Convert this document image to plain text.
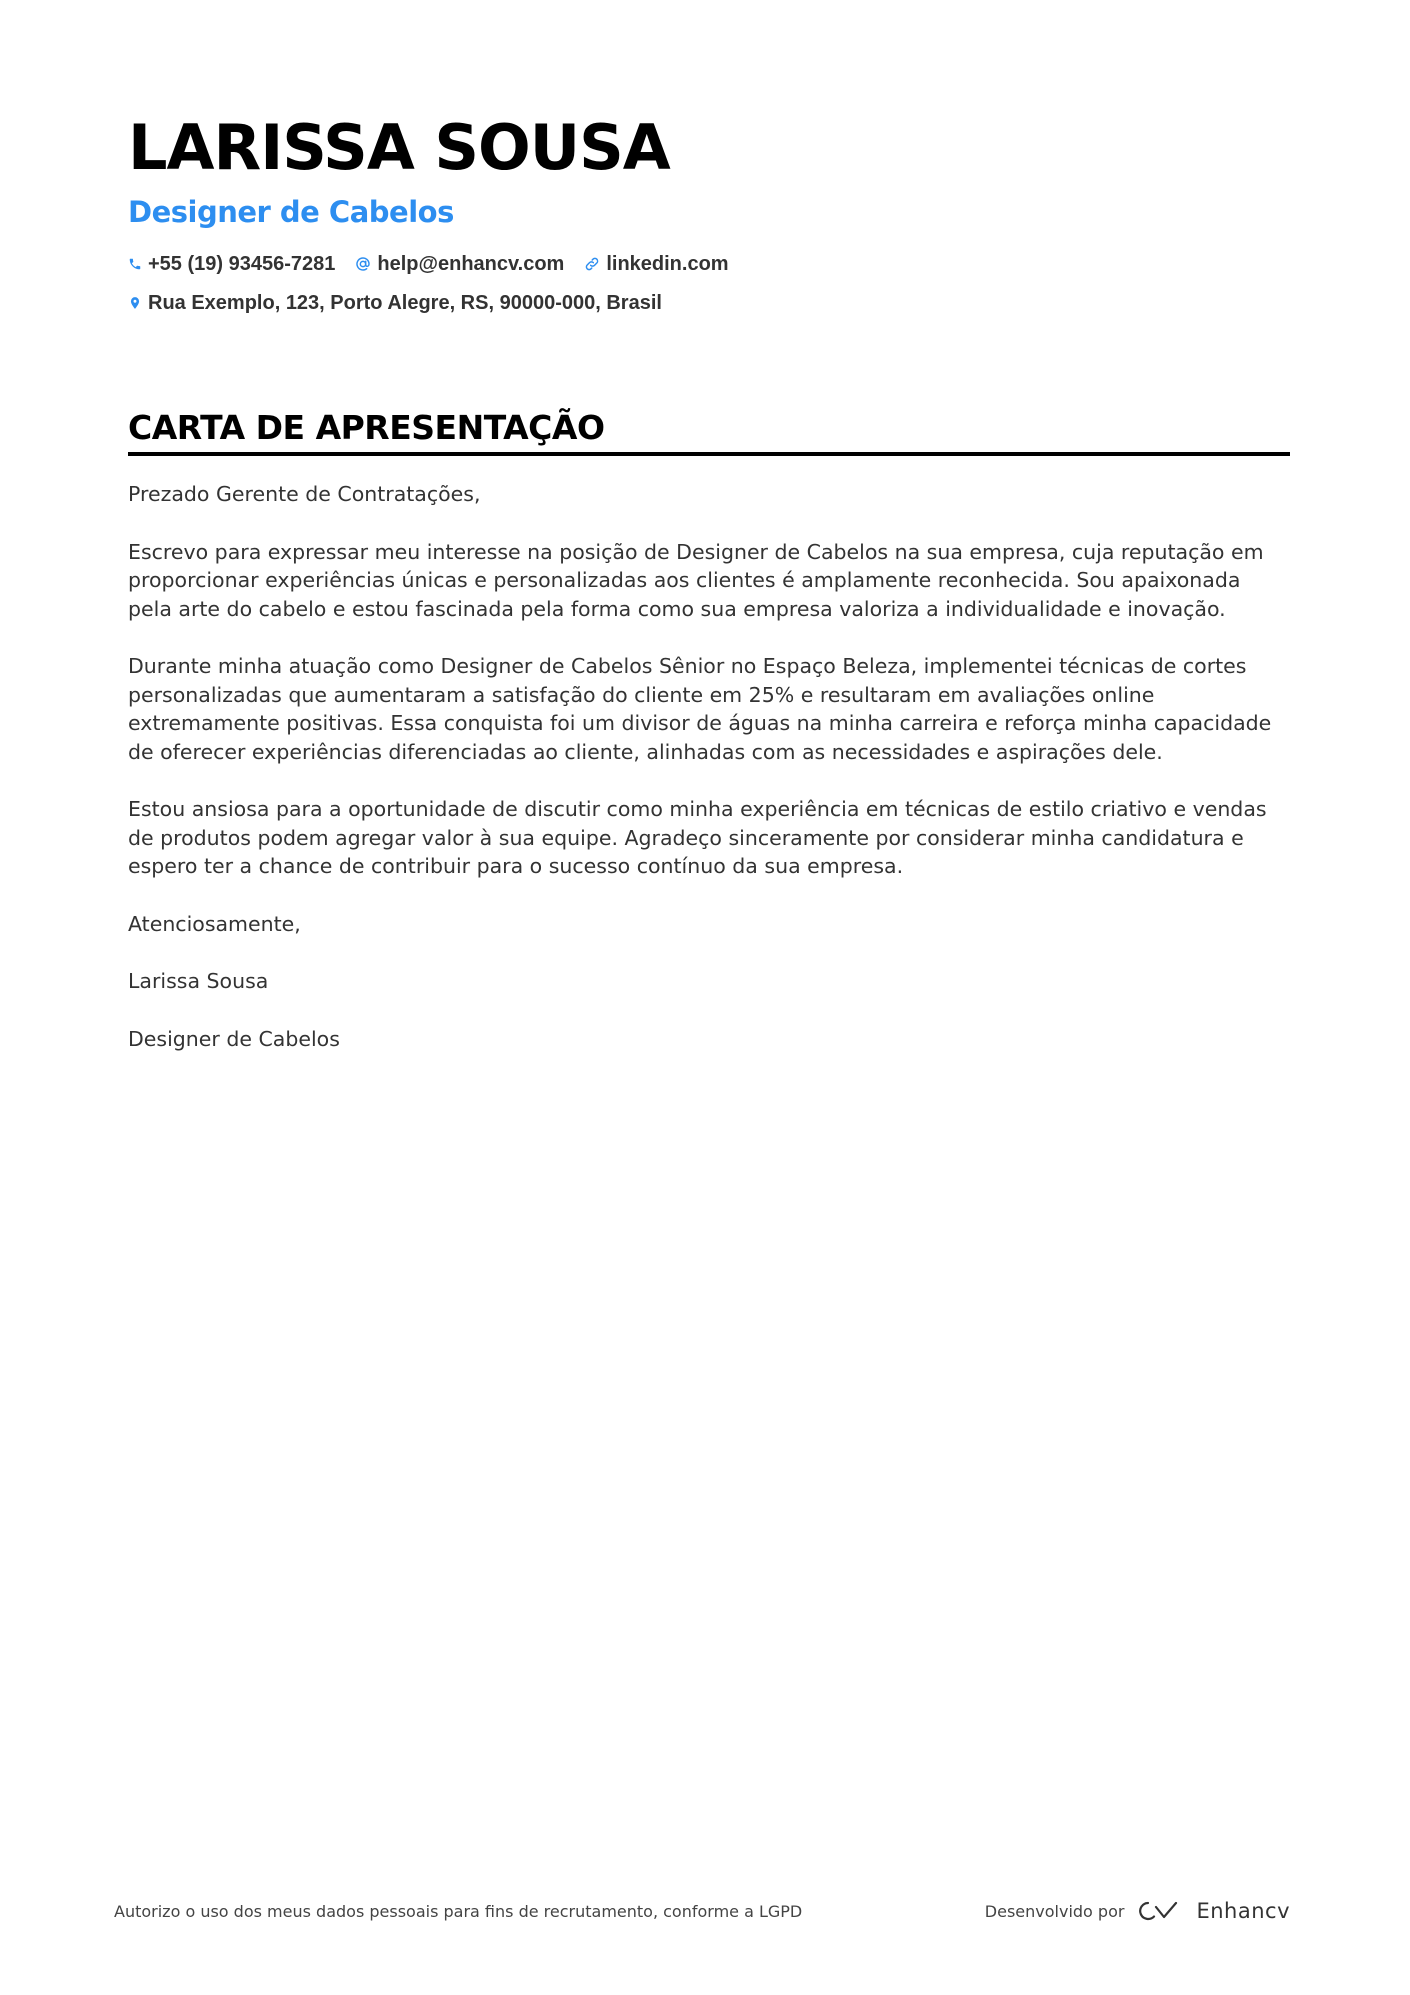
LARISSA SOUSA
Designer de Cabelos
+55 (19) 93456-7281 help@enhancv.com linkedin.com
Rua Exemplo, 123, Porto Alegre, RS, 90000-000, Brasil
CARTA DE APRESENTAÇÃO

Prezado Gerente de Contratações,

Escrevo para expressar meu interesse na posição de Designer de Cabelos na sua empresa, cuja reputação em proporcionar experiências únicas e personalizadas aos clientes é amplamente reconhecida. Sou apaixonada pela arte do cabelo e estou fascinada pela forma como sua empresa valoriza a individualidade e inovação.

Durante minha atuação como Designer de Cabelos Sênior no Espaço Beleza, implementei técnicas de cortes personalizadas que aumentaram a satisfação do cliente em 25% e resultaram em avaliações online extremamente positivas. Essa conquista foi um divisor de águas na minha carreira e reforça minha capacidade de oferecer experiências diferenciadas ao cliente, alinhadas com as necessidades e aspirações dele.

Estou ansiosa para a oportunidade de discutir como minha experiência em técnicas de estilo criativo e vendas de produtos podem agregar valor à sua equipe. Agradeço sinceramente por considerar minha candidatura e espero ter a chance de contribuir para o sucesso contínuo da sua empresa.

Atenciosamente,

Larissa Sousa

Designer de Cabelos

Autorizo o uso dos meus dados pessoais para fins de recrutamento, conforme a LGPD	Desenvolvido por	Enhancv
